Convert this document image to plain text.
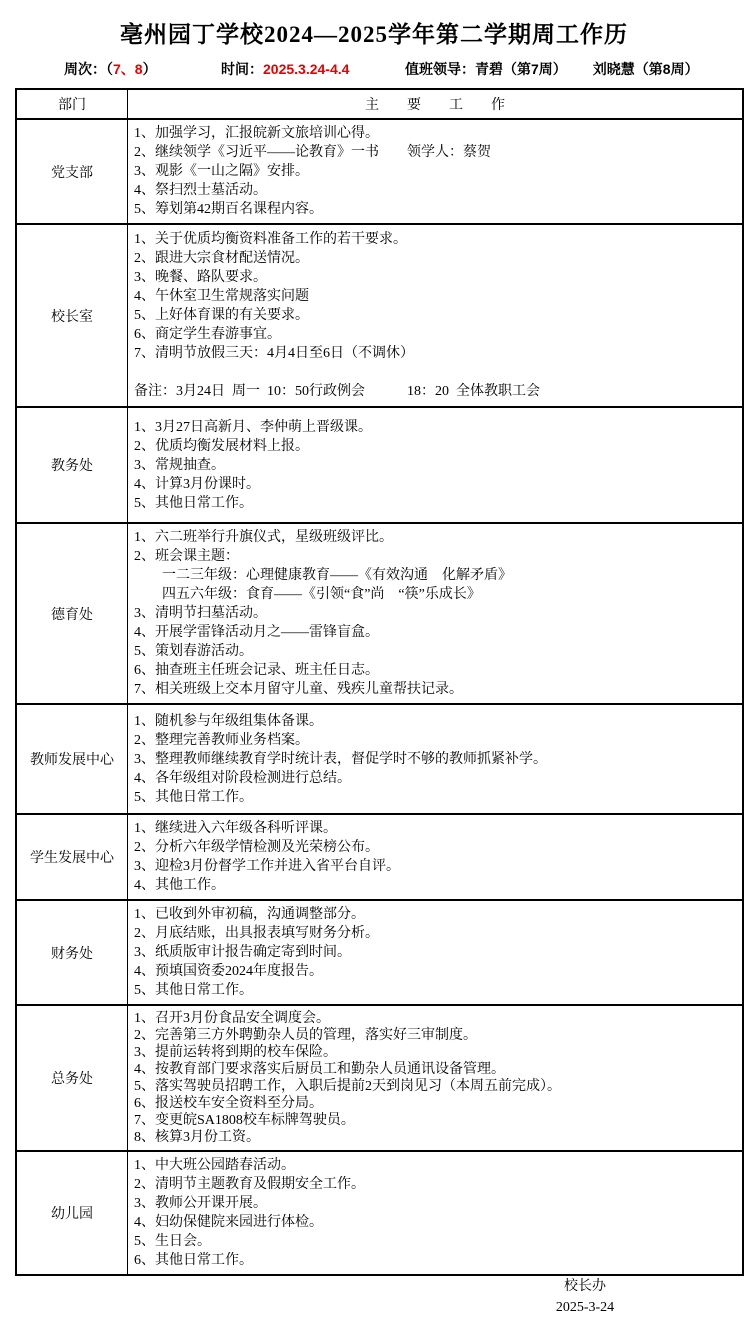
亳州园丁学校2024—2025学年第二学期周工作历
周次：（7、8）	时间：2025.3.24-4.4	值班领导：青碧（第7周） 刘晓慧（第8周）
部门	主　　要　　工　　作
党支部
1、加强学习，汇报皖新文旅培训心得。
2、继续领学《习近平——论教育》一书　　领学人：蔡贺
3、观影《一山之隔》安排。
4、祭扫烈士墓活动。
5、筹划第42期百名课程内容。
校长室
1、关于优质均衡资料准备工作的若干要求。
2、跟进大宗食材配送情况。
3、晚餐、路队要求。
4、午休室卫生常规落实问题
5、上好体育课的有关要求。
6、商定学生春游事宜。
7、清明节放假三天：4月4日至6日（不调休）

备注：3月24日  周一  10：50行政例会　　　18：20  全体教职工会
教务处
1、3月27日高新月、李仲萌上晋级课。
2、优质均衡发展材料上报。
3、常规抽查。
4、计算3月份课时。
5、其他日常工作。
德育处
1、六二班举行升旗仪式，星级班级评比。
2、班会课主题：
　　一二三年级：心理健康教育——《有效沟通　化解矛盾》
　　四五六年级：食育——《引领“食”尚　“筷”乐成长》
3、清明节扫墓活动。
4、开展学雷锋活动月之——雷锋盲盒。
5、策划春游活动。
6、抽查班主任班会记录、班主任日志。
7、相关班级上交本月留守儿童、残疾儿童帮扶记录。
教师发展中心
1、随机参与年级组集体备课。
2、整理完善教师业务档案。
3、整理教师继续教育学时统计表，督促学时不够的教师抓紧补学。
4、各年级组对阶段检测进行总结。
5、其他日常工作。
学生发展中心
1、继续进入六年级各科听评课。
2、分析六年级学情检测及光荣榜公布。
3、迎检3月份督学工作并进入省平台自评。
4、其他工作。
财务处
1、已收到外审初稿，沟通调整部分。
2、月底结账，出具报表填写财务分析。
3、纸质版审计报告确定寄到时间。
4、预填国资委2024年度报告。
5、其他日常工作。
总务处
1、召开3月份食品安全调度会。
2、完善第三方外聘勤杂人员的管理，落实好三审制度。
3、提前运转将到期的校车保险。
4、按教育部门要求落实后厨员工和勤杂人员通讯设备管理。
5、落实驾驶员招聘工作，入职后提前2天到岗见习（本周五前完成）。
6、报送校车安全资料至分局。
7、变更皖SA1808校车标牌驾驶员。
8、核算3月份工资。
幼儿园
1、中大班公园踏春活动。
2、清明节主题教育及假期安全工作。
3、教师公开课开展。
4、妇幼保健院来园进行体检。
5、生日会。
6、其他日常工作。
校长办
2025-3-24
